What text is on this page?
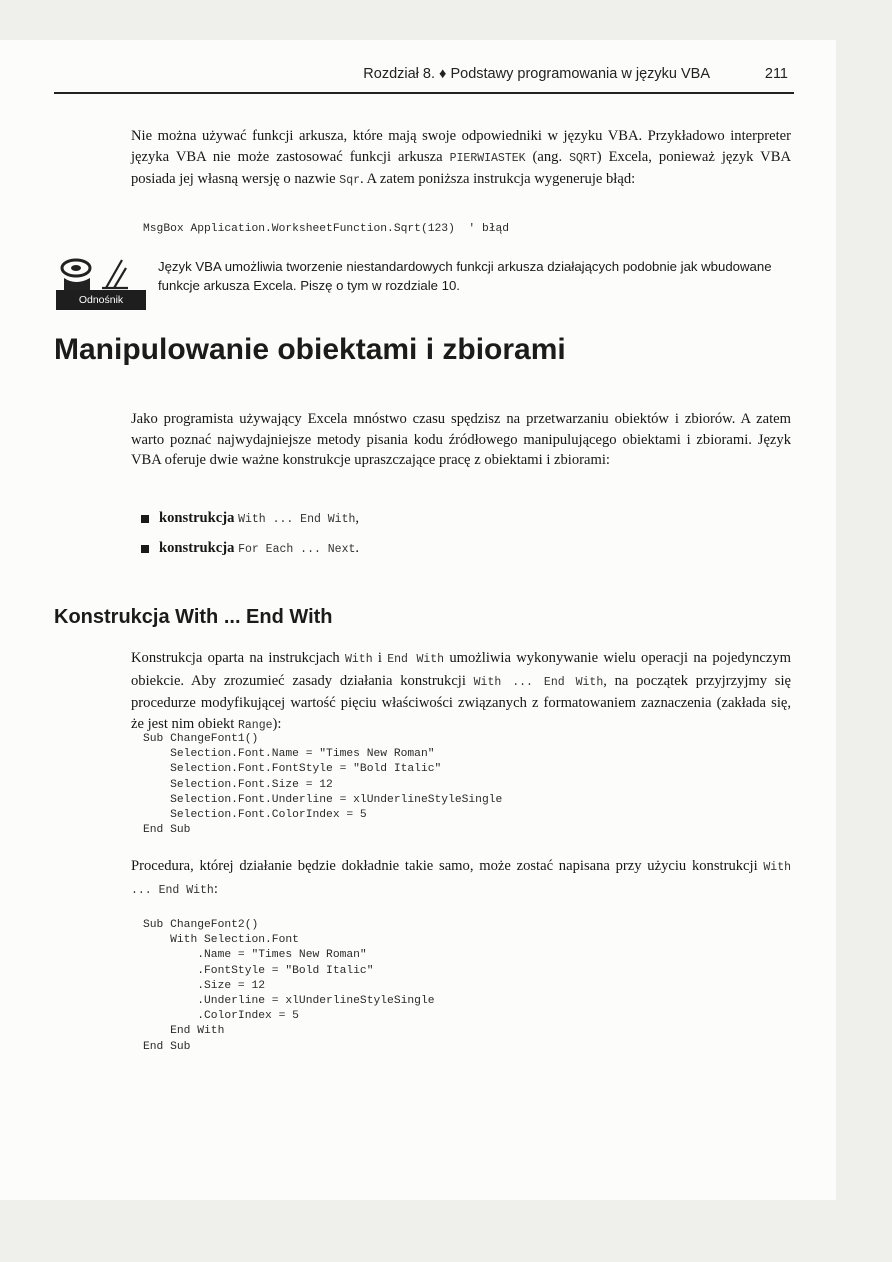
Rozdział 8. ♦ Podstawy programowania w języku VBA	211
Nie można używać funkcji arkusza, które mają swoje odpowiedniki w języku VBA. Przykładowo interpreter języka VBA nie może zastosować funkcji arkusza PIERWIASTEK (ang. SQRT) Excela, ponieważ język VBA posiada jej własną wersję o nazwie Sqr. A zatem poniższa instrukcja wygeneruje błąd:
MsgBox Application.WorksheetFunction.Sqrt(123)  ' błąd
Odnośnik
Język VBA umożliwia tworzenie niestandardowych funkcji arkusza działających podobnie jak wbudowane funkcje arkusza Excela. Piszę o tym w rozdziale 10.
Manipulowanie obiektami i zbiorami
Jako programista używający Excela mnóstwo czasu spędzisz na przetwarzaniu obiektów i zbiorów. A zatem warto poznać najwydajniejsze metody pisania kodu źródłowego manipulującego obiektami i zbiorami. Język VBA oferuje dwie ważne konstrukcje upraszczające pracę z obiektami i zbiorami:
konstrukcja With ... End With,
konstrukcja For Each ... Next.
Konstrukcja With ... End With
Konstrukcja oparta na instrukcjach With i End With umożliwia wykonywanie wielu operacji na pojedynczym obiekcie. Aby zrozumieć zasady działania konstrukcji With ... End With, na początek przyjrzyjmy się procedurze modyfikującej wartość pięciu właściwości związanych z formatowaniem zaznaczenia (zakłada się, że jest nim obiekt Range):
Sub ChangeFont1()
Selection.Font.Name = "Times New Roman"
Selection.Font.FontStyle = "Bold Italic"
Selection.Font.Size = 12
Selection.Font.Underline = xlUnderlineStyleSingle
Selection.Font.ColorIndex = 5
End Sub
Procedura, której działanie będzie dokładnie takie samo, może zostać napisana przy użyciu konstrukcji With ... End With:
Sub ChangeFont2()
With Selection.Font
.Name = "Times New Roman"
.FontStyle = "Bold Italic"
.Size = 12
.Underline = xlUnderlineStyleSingle
.ColorIndex = 5
End With
End Sub
